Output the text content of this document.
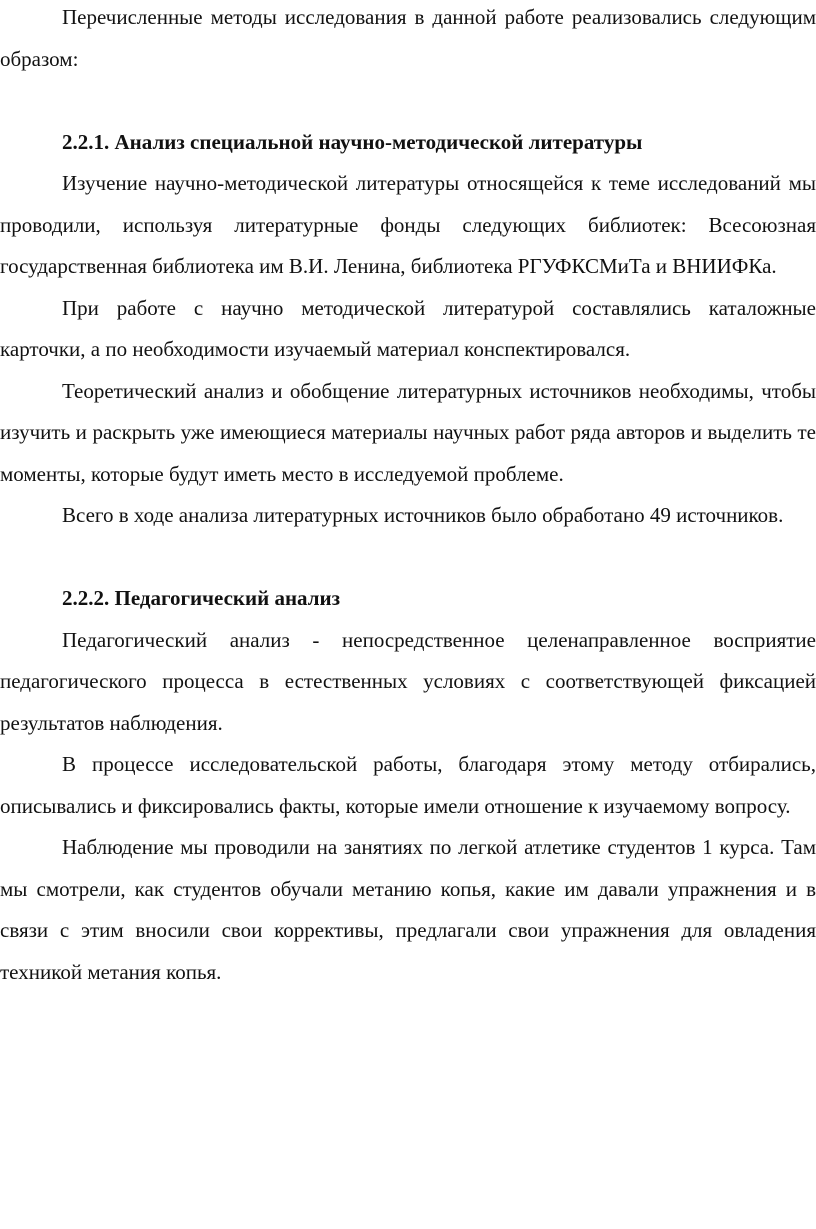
Перечисленные методы исследования в данной работе реализовались следующим образом:

2.2.1. Анализ специальной научно-методической литературы

Изучение научно-методической литературы относящейся к теме исследований мы проводили, используя литературные фонды следующих библиотек: Всесоюзная государственная библиотека им В.И. Ленина, библиотека РГУФКСМиТа и ВНИИФКа.

При работе с научно методической литературой составлялись каталожные карточки, а по необходимости изучаемый материал конспектировался.

Теоретический анализ и обобщение литературных источников необходимы, чтобы изучить и раскрыть уже имеющиеся материалы научных работ ряда авторов и выделить те моменты, которые будут иметь место в исследуемой проблеме.

Всего в ходе анализа литературных источников было обработано 49 источников.

2.2.2. Педагогический анализ

Педагогический анализ - непосредственное целенаправленное восприятие педагогического процесса в естественных условиях с соответствующей фиксацией результатов наблюдения.

В процессе исследовательской работы, благодаря этому методу отбирались, описывались и фиксировались факты, которые имели отношение к изучаемому вопросу.

Наблюдение мы проводили на занятиях по легкой атлетике студентов 1 курса. Там мы смотрели, как студентов обучали метанию копья, какие им давали упражнения и в связи с этим вносили свои коррективы, предлагали свои упражнения для овладения техникой метания копья.
